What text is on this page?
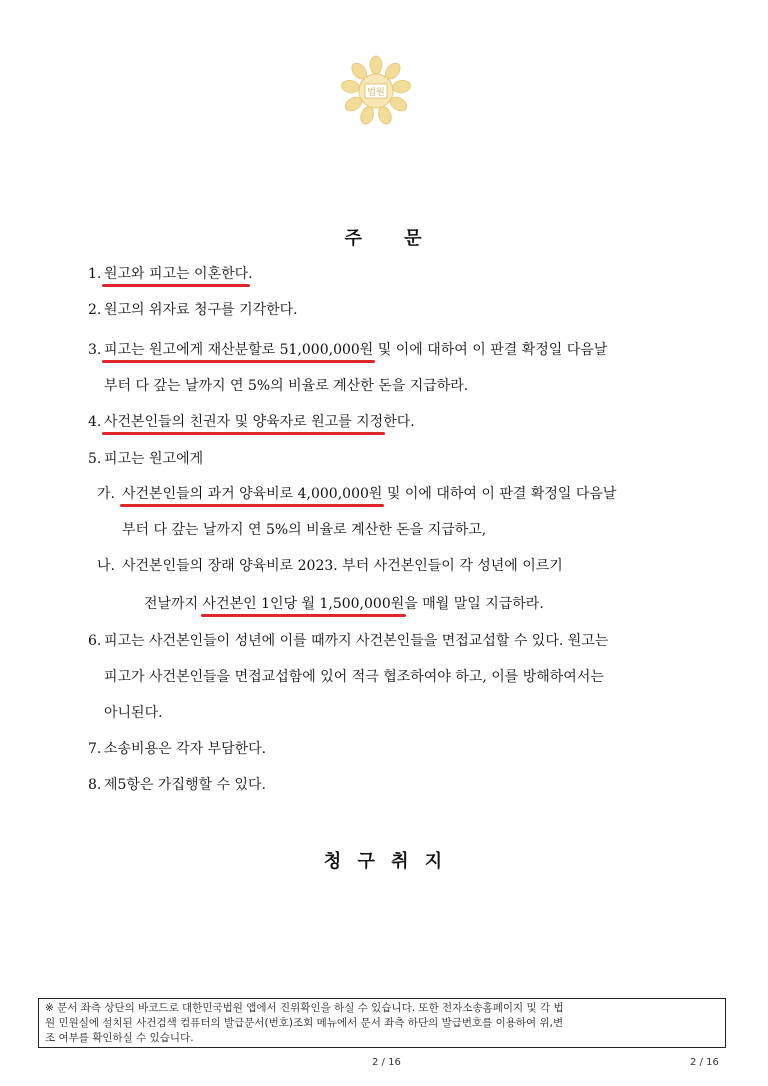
법원
주 문
1. 원고와 피고는 이혼한다.
2. 원고의 위자료 청구를 기각한다.
3. 피고는 원고에게 재산분할로 51,000,000원 및 이에 대하여 이 판결 확정일 다음날
부터 다 갚는 날까지 연 5%의 비율로 계산한 돈을 지급하라.
4. 사건본인들의 친권자 및 양육자로 원고를 지정한다.
5. 피고는 원고에게
가. 사건본인들의 과거 양육비로 4,000,000원 및 이에 대하여 이 판결 확정일 다음날
부터 다 갚는 날까지 연 5%의 비율로 계산한 돈을 지급하고,
나. 사건본인들의 장래 양육비로 2023. 부터 사건본인들이 각 성년에 이르기
전날까지 사건본인 1인당 월 1,500,000원을 매월 말일 지급하라.
6. 피고는 사건본인들이 성년에 이를 때까지 사건본인들을 면접교섭할 수 있다. 원고는
피고가 사건본인들을 면접교섭함에 있어 적극 협조하여야 하고, 이를 방해하여서는
아니된다.
7. 소송비용은 각자 부담한다.
8. 제5항은 가집행할 수 있다.
청 구 취 지
※ 문서 좌측 상단의 바코드로 대한민국법원 앱에서 진위확인을 하실 수 있습니다. 또한 전자소송홈페이지 및 각 법
원 민원실에 설치된 사건검색 컴퓨터의 발급문서(번호)조회 메뉴에서 문서 좌측 하단의 발급번호를 이용하여 위,변
조 여부를 확인하실 수 있습니다.
2 / 16	2 / 16
